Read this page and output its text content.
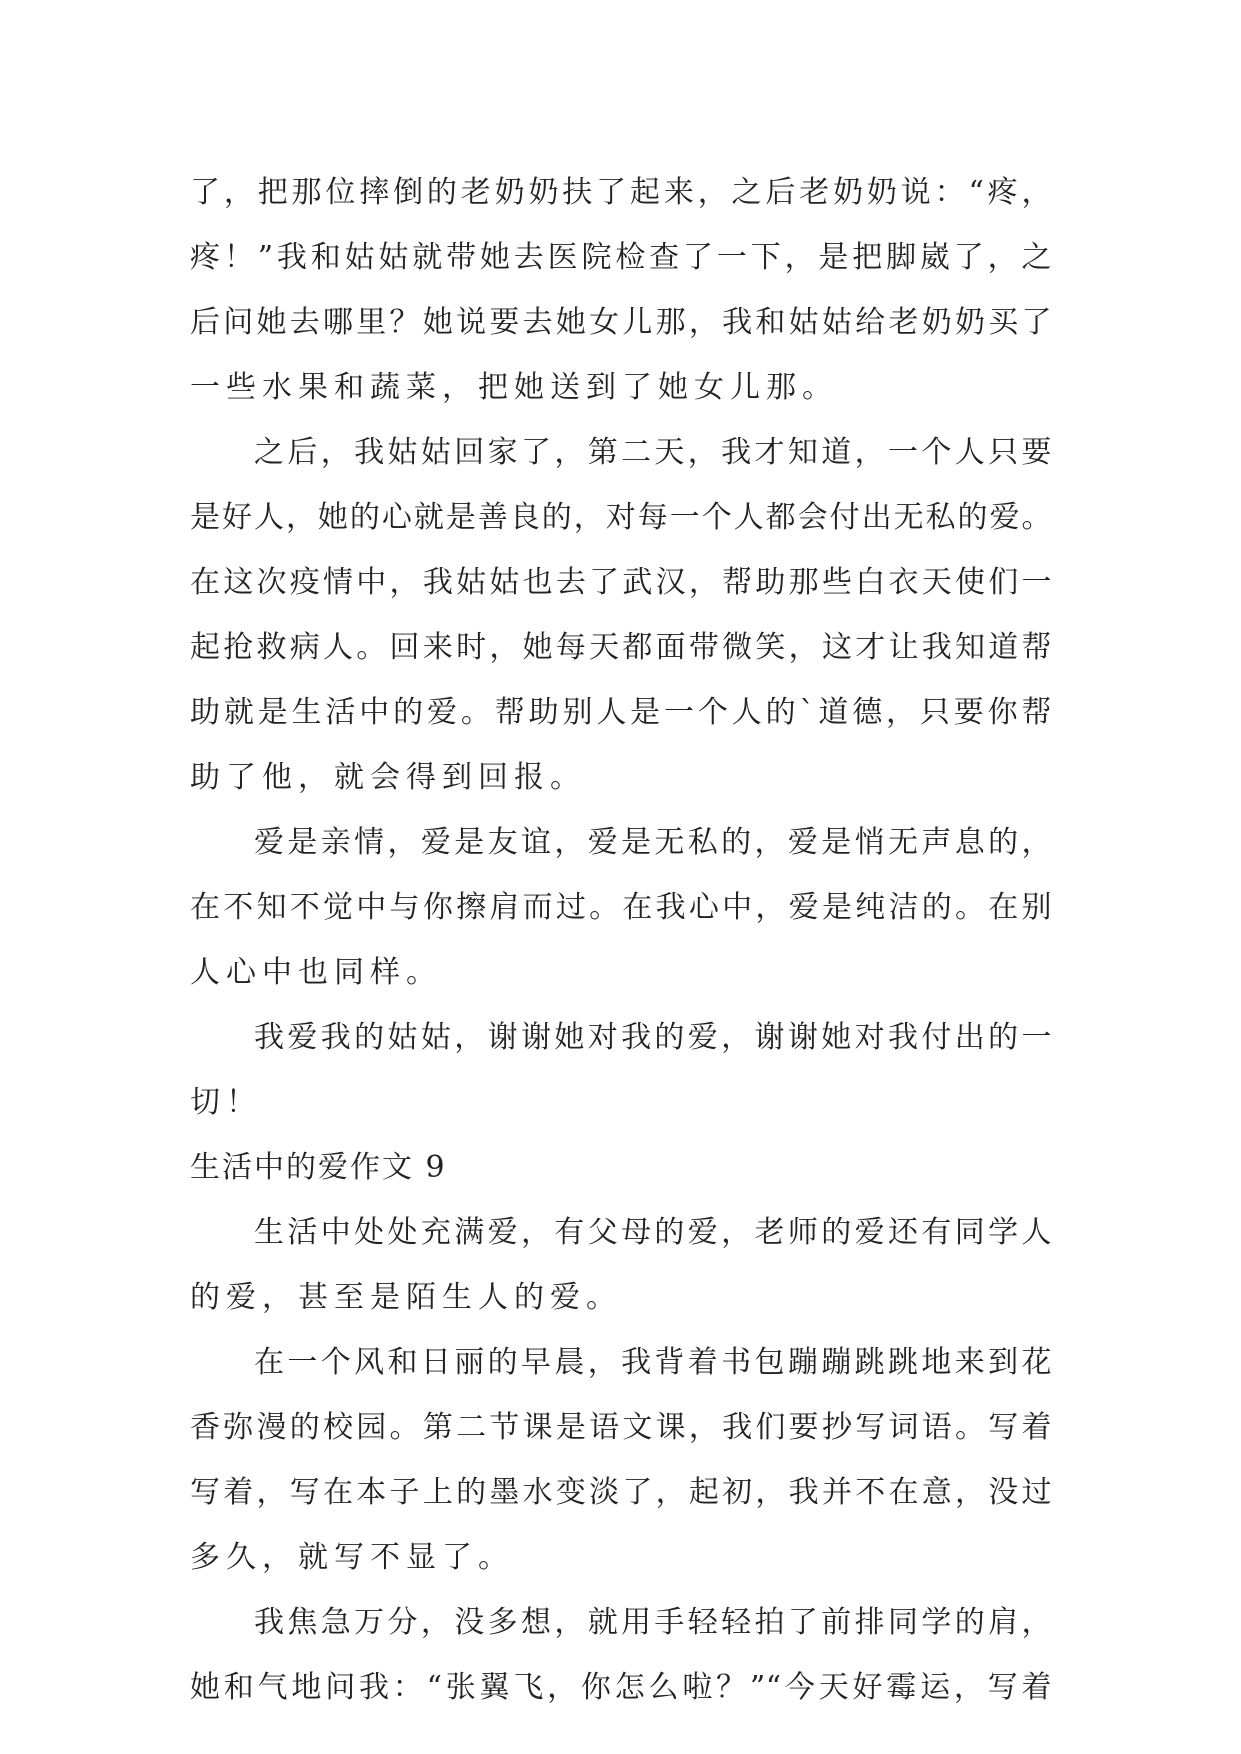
了，把那位摔倒的老奶奶扶了起来，之后老奶奶说：“疼，
疼！”我和姑姑就带她去医院检查了一下，是把脚崴了，之
后问她去哪里？她说要去她女儿那，我和姑姑给老奶奶买了
一些水果和蔬菜，把她送到了她女儿那。
之后，我姑姑回家了，第二天，我才知道，一个人只要
是好人，她的心就是善良的，对每一个人都会付出无私的爱。
在这次疫情中，我姑姑也去了武汉，帮助那些白衣天使们一
起抢救病人。回来时，她每天都面带微笑，这才让我知道帮
助就是生活中的爱。帮助别人是一个人的`道德，只要你帮
助了他，就会得到回报。
爱是亲情，爱是友谊，爱是无私的，爱是悄无声息的，
在不知不觉中与你擦肩而过。在我心中，爱是纯洁的。在别
人心中也同样。
我爱我的姑姑，谢谢她对我的爱，谢谢她对我付出的一
切！
生活中的爱作文 9
生活中处处充满爱，有父母的爱，老师的爱还有同学人
的爱，甚至是陌生人的爱。
在一个风和日丽的早晨，我背着书包蹦蹦跳跳地来到花
香弥漫的校园。第二节课是语文课，我们要抄写词语。写着
写着，写在本子上的墨水变淡了，起初，我并不在意，没过
多久，就写不显了。
我焦急万分，没多想，就用手轻轻拍了前排同学的肩，
她和气地问我：“张翼飞，你怎么啦？”“今天好霉运，写着
